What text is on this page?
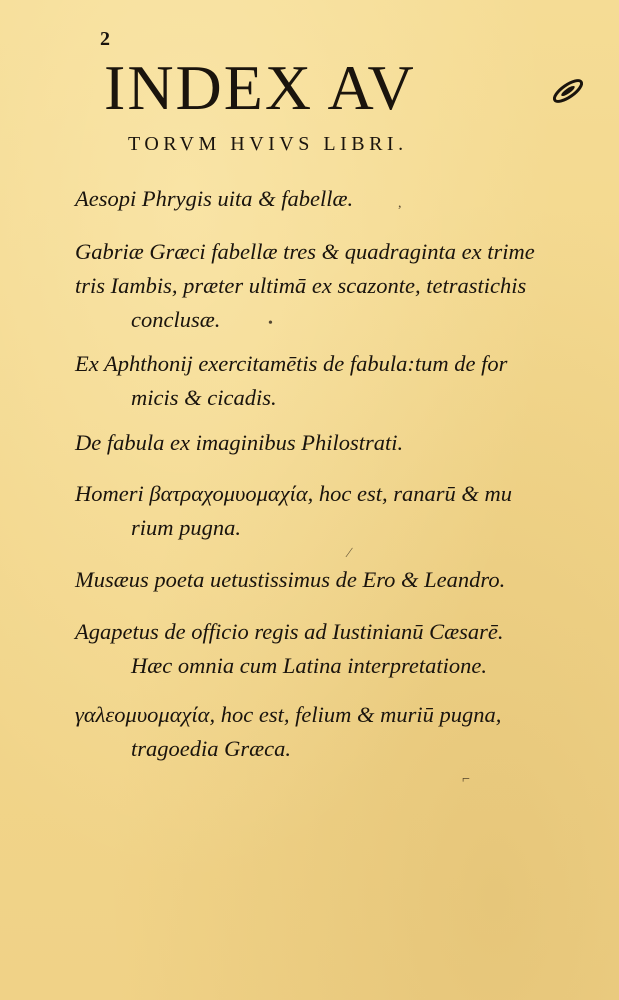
2
INDEX AV
TORVM HVIVS LIBRI.
Aesopi Phrygis uita & fabellæ.
Gabriæ Græci fabellæ tres & quadraginta ex trime
tris Iambis, præter ultimā ex scazonte, tetrastichis
conclusæ.
Ex Aphthonij exercitamētis de fabula:tum de for
micis & cicadis.
De fabula ex imaginibus Philostrati.
Homeri βατραχομυομαχία, hoc est, ranarū & mu
rium pugna.
Musæus poeta uetustissimus de Ero & Leandro.
Agapetus de officio regis ad Iustinianū Cæsarē.
Hæc omnia cum Latina interpretatione.
γαλεομυομαχία, hoc est, felium & muriū pugna,
tragoedia Græca.
•
,
⌐
∕
